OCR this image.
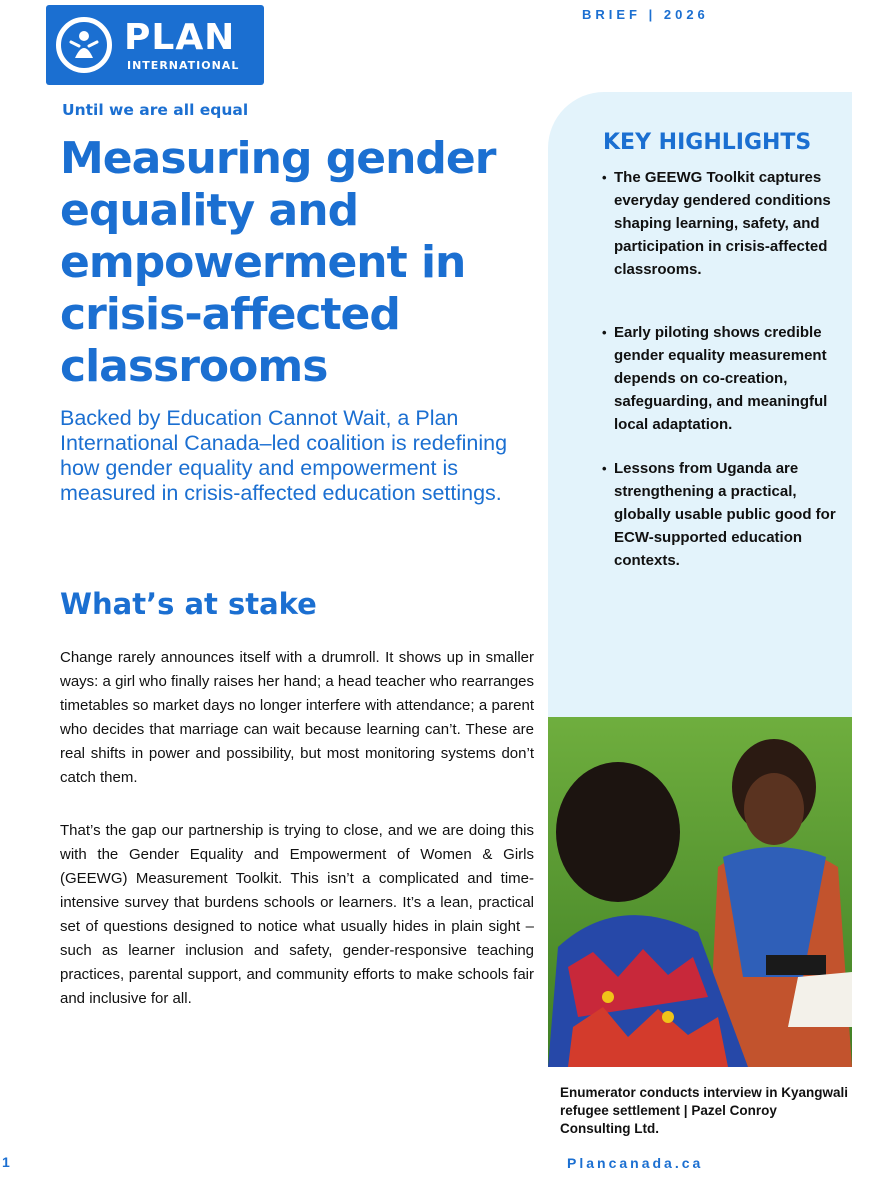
PLAN
INTERNATIONAL
BRIEF | 2026
Until we are all equal
Measuring gender equality and empowerment in crisis-affected classrooms

Backed by Education Cannot Wait, a Plan International Canada–led coalition is redefining how gender equality and empowerment is measured in crisis-affected education settings.

What’s at stake

Change rarely announces itself with a drumroll. It shows up in smaller ways: a girl who finally raises her hand; a head teacher who rearranges timetables so market days no longer interfere with attendance; a parent who decides that marriage can wait because learning can’t. These are real shifts in power and possibility, but most monitoring systems don’t catch them.

That’s the gap our partnership is trying to close, and we are doing this with the Gender Equality and Empowerment of Women & Girls (GEEWG) Measurement Toolkit. This isn’t a complicated and time-intensive survey that burdens schools or learners. It’s a lean, practical set of questions designed to notice what usually hides in plain sight – such as learner inclusion and safety, gender-responsive teaching practices, parental support, and community efforts to make schools fair and inclusive for all.

KEY HIGHLIGHTS
• The GEEWG Toolkit captures everyday gendered conditions shaping learning, safety, and participation in crisis-affected classrooms.
• Early piloting shows credible gender equality measurement depends on co-creation, safeguarding, and meaningful local adaptation.
• Lessons from Uganda are strengthening a practical, globally usable public good for ECW-supported education contexts.

Enumerator conducts interview in Kyangwali refugee settlement | Pazel Conroy Consulting Ltd.

1	Plancanada.ca
